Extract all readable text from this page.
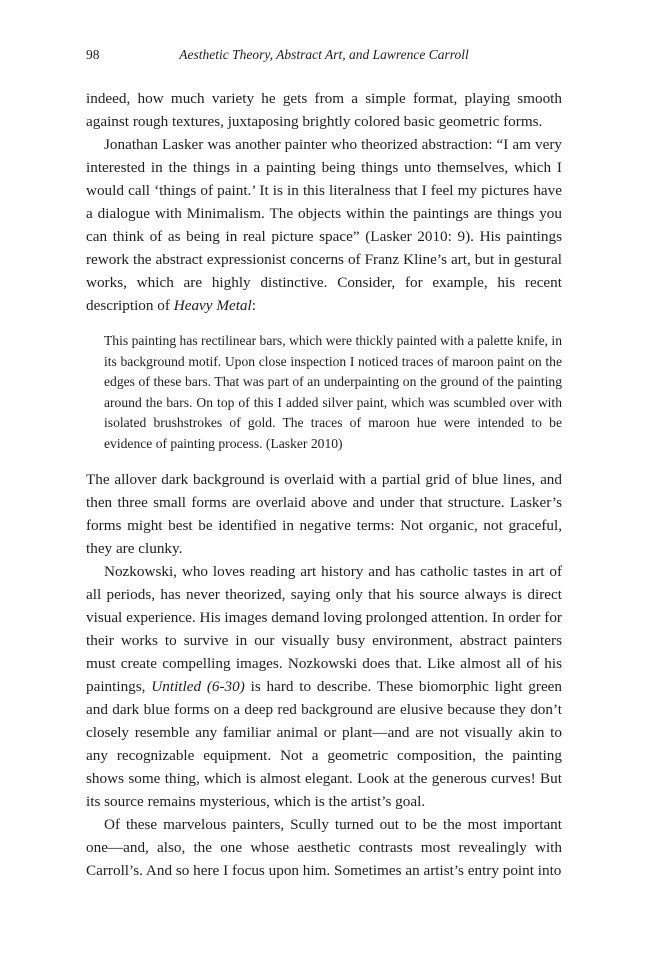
98	Aesthetic Theory, Abstract Art, and Lawrence Carroll

indeed, how much variety he gets from a simple format, playing smooth against rough textures, juxtaposing brightly colored basic geometric forms.

Jonathan Lasker was another painter who theorized abstraction: “I am very interested in the things in a painting being things unto themselves, which I would call ‘things of paint.’ It is in this literalness that I feel my pictures have a dialogue with Minimalism. The objects within the paintings are things you can think of as being in real picture space” (Lasker 2010: 9). His paintings rework the abstract expressionist concerns of Franz Kline’s art, but in gestural works, which are highly distinctive. Consider, for example, his recent description of Heavy Metal:

This painting has rectilinear bars, which were thickly painted with a palette knife, in its background motif. Upon close inspection I noticed traces of maroon paint on the edges of these bars. That was part of an underpainting on the ground of the painting around the bars. On top of this I added silver paint, which was scumbled over with isolated brushstrokes of gold. The traces of maroon hue were intended to be evidence of painting process. (Lasker 2010)

The allover dark background is overlaid with a partial grid of blue lines, and then three small forms are overlaid above and under that structure. Lasker’s forms might best be identified in negative terms: Not organic, not graceful, they are clunky.

Nozkowski, who loves reading art history and has catholic tastes in art of all periods, has never theorized, saying only that his source always is direct visual experience. His images demand loving prolonged attention. In order for their works to survive in our visually busy environment, abstract painters must create compelling images. Nozkowski does that. Like almost all of his paintings, Untitled (6-30) is hard to describe. These biomorphic light green and dark blue forms on a deep red background are elusive because they don’t closely resemble any familiar animal or plant—and are not visually akin to any recognizable equipment. Not a geometric composition, the painting shows some thing, which is almost elegant. Look at the generous curves! But its source remains mysterious, which is the artist’s goal.

Of these marvelous painters, Scully turned out to be the most important one—and, also, the one whose aesthetic contrasts most revealingly with Carroll’s. And so here I focus upon him. Sometimes an artist’s entry point into
